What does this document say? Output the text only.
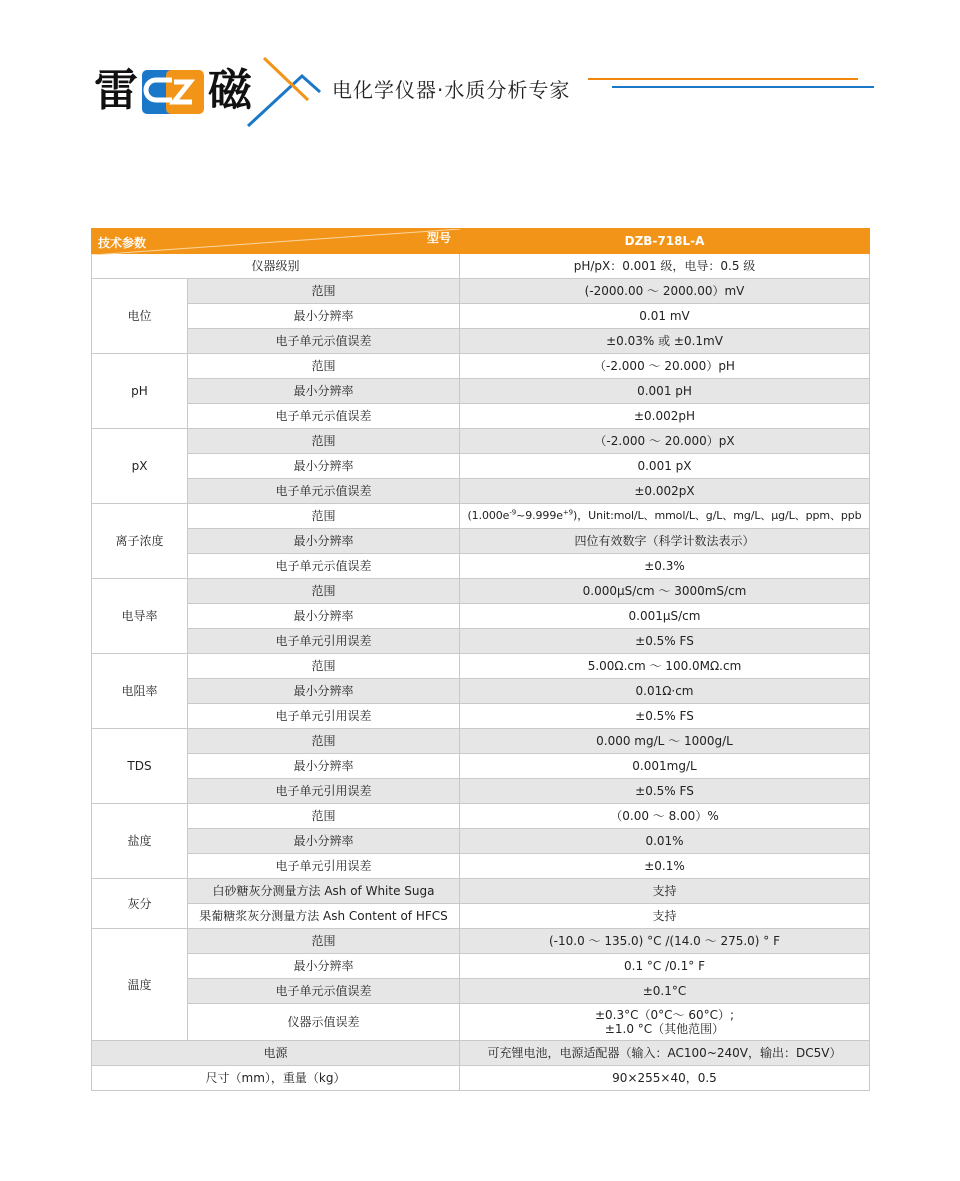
雷 磁	电化学仪器·水质分析专家
技术参数 型号		DZB-718L-A
仪器级别		pH/pX：0.001 级，电导：0.5 级
电位	范围	(-2000.00 ～ 2000.00）mV
	最小分辨率	0.01 mV
	电子单元示值误差	±0.03% 或 ±0.1mV
pH	范围	（-2.000 ～ 20.000）pH
	最小分辨率	0.001 pH
	电子单元示值误差	±0.002pH
pX	范围	（-2.000 ～ 20.000）pX
	最小分辨率	0.001 pX
	电子单元示值误差	±0.002pX
离子浓度	范围	$(1.000e^{-9}\sim 9.999e^{+9})$，Unit:mol/L、mmol/L、g/L、mg/L、μg/L、ppm、ppb
	最小分辨率	四位有效数字（科学计数法表示）
	电子单元示值误差	±0.3%
电导率	范围	0.000μS/cm ～ 3000mS/cm
	最小分辨率	0.001μS/cm
	电子单元引用误差	±0.5% FS
电阻率	范围	5.00Ω.cm ～ 100.0MΩ.cm
	最小分辨率	0.01Ω·cm
	电子单元引用误差	±0.5% FS
TDS	范围	0.000 mg/L ～ 1000g/L
	最小分辨率	0.001mg/L
	电子单元引用误差	±0.5% FS
盐度	范围	（0.00 ～ 8.00）%
	最小分辨率	0.01%
	电子单元引用误差	±0.1%
灰分	白砂糖灰分测量方法 Ash of White Suga	支持
	果葡糖浆灰分测量方法 Ash Content of HFCS	支持
温度	范围	(-10.0 ～ 135.0) °C /(14.0 ～ 275.0) ° F
	最小分辨率	0.1 °C /0.1° F
	电子单元示值误差	±0.1°C
	仪器示值误差	±0.3°C（0°C～ 60°C）;
±1.0 °C（其他范围）

电源		可充锂电池，电源适配器（输入：AC100~240V，输出：DC5V）
尺寸（mm），重量（kg）		90×255×40，0.5
